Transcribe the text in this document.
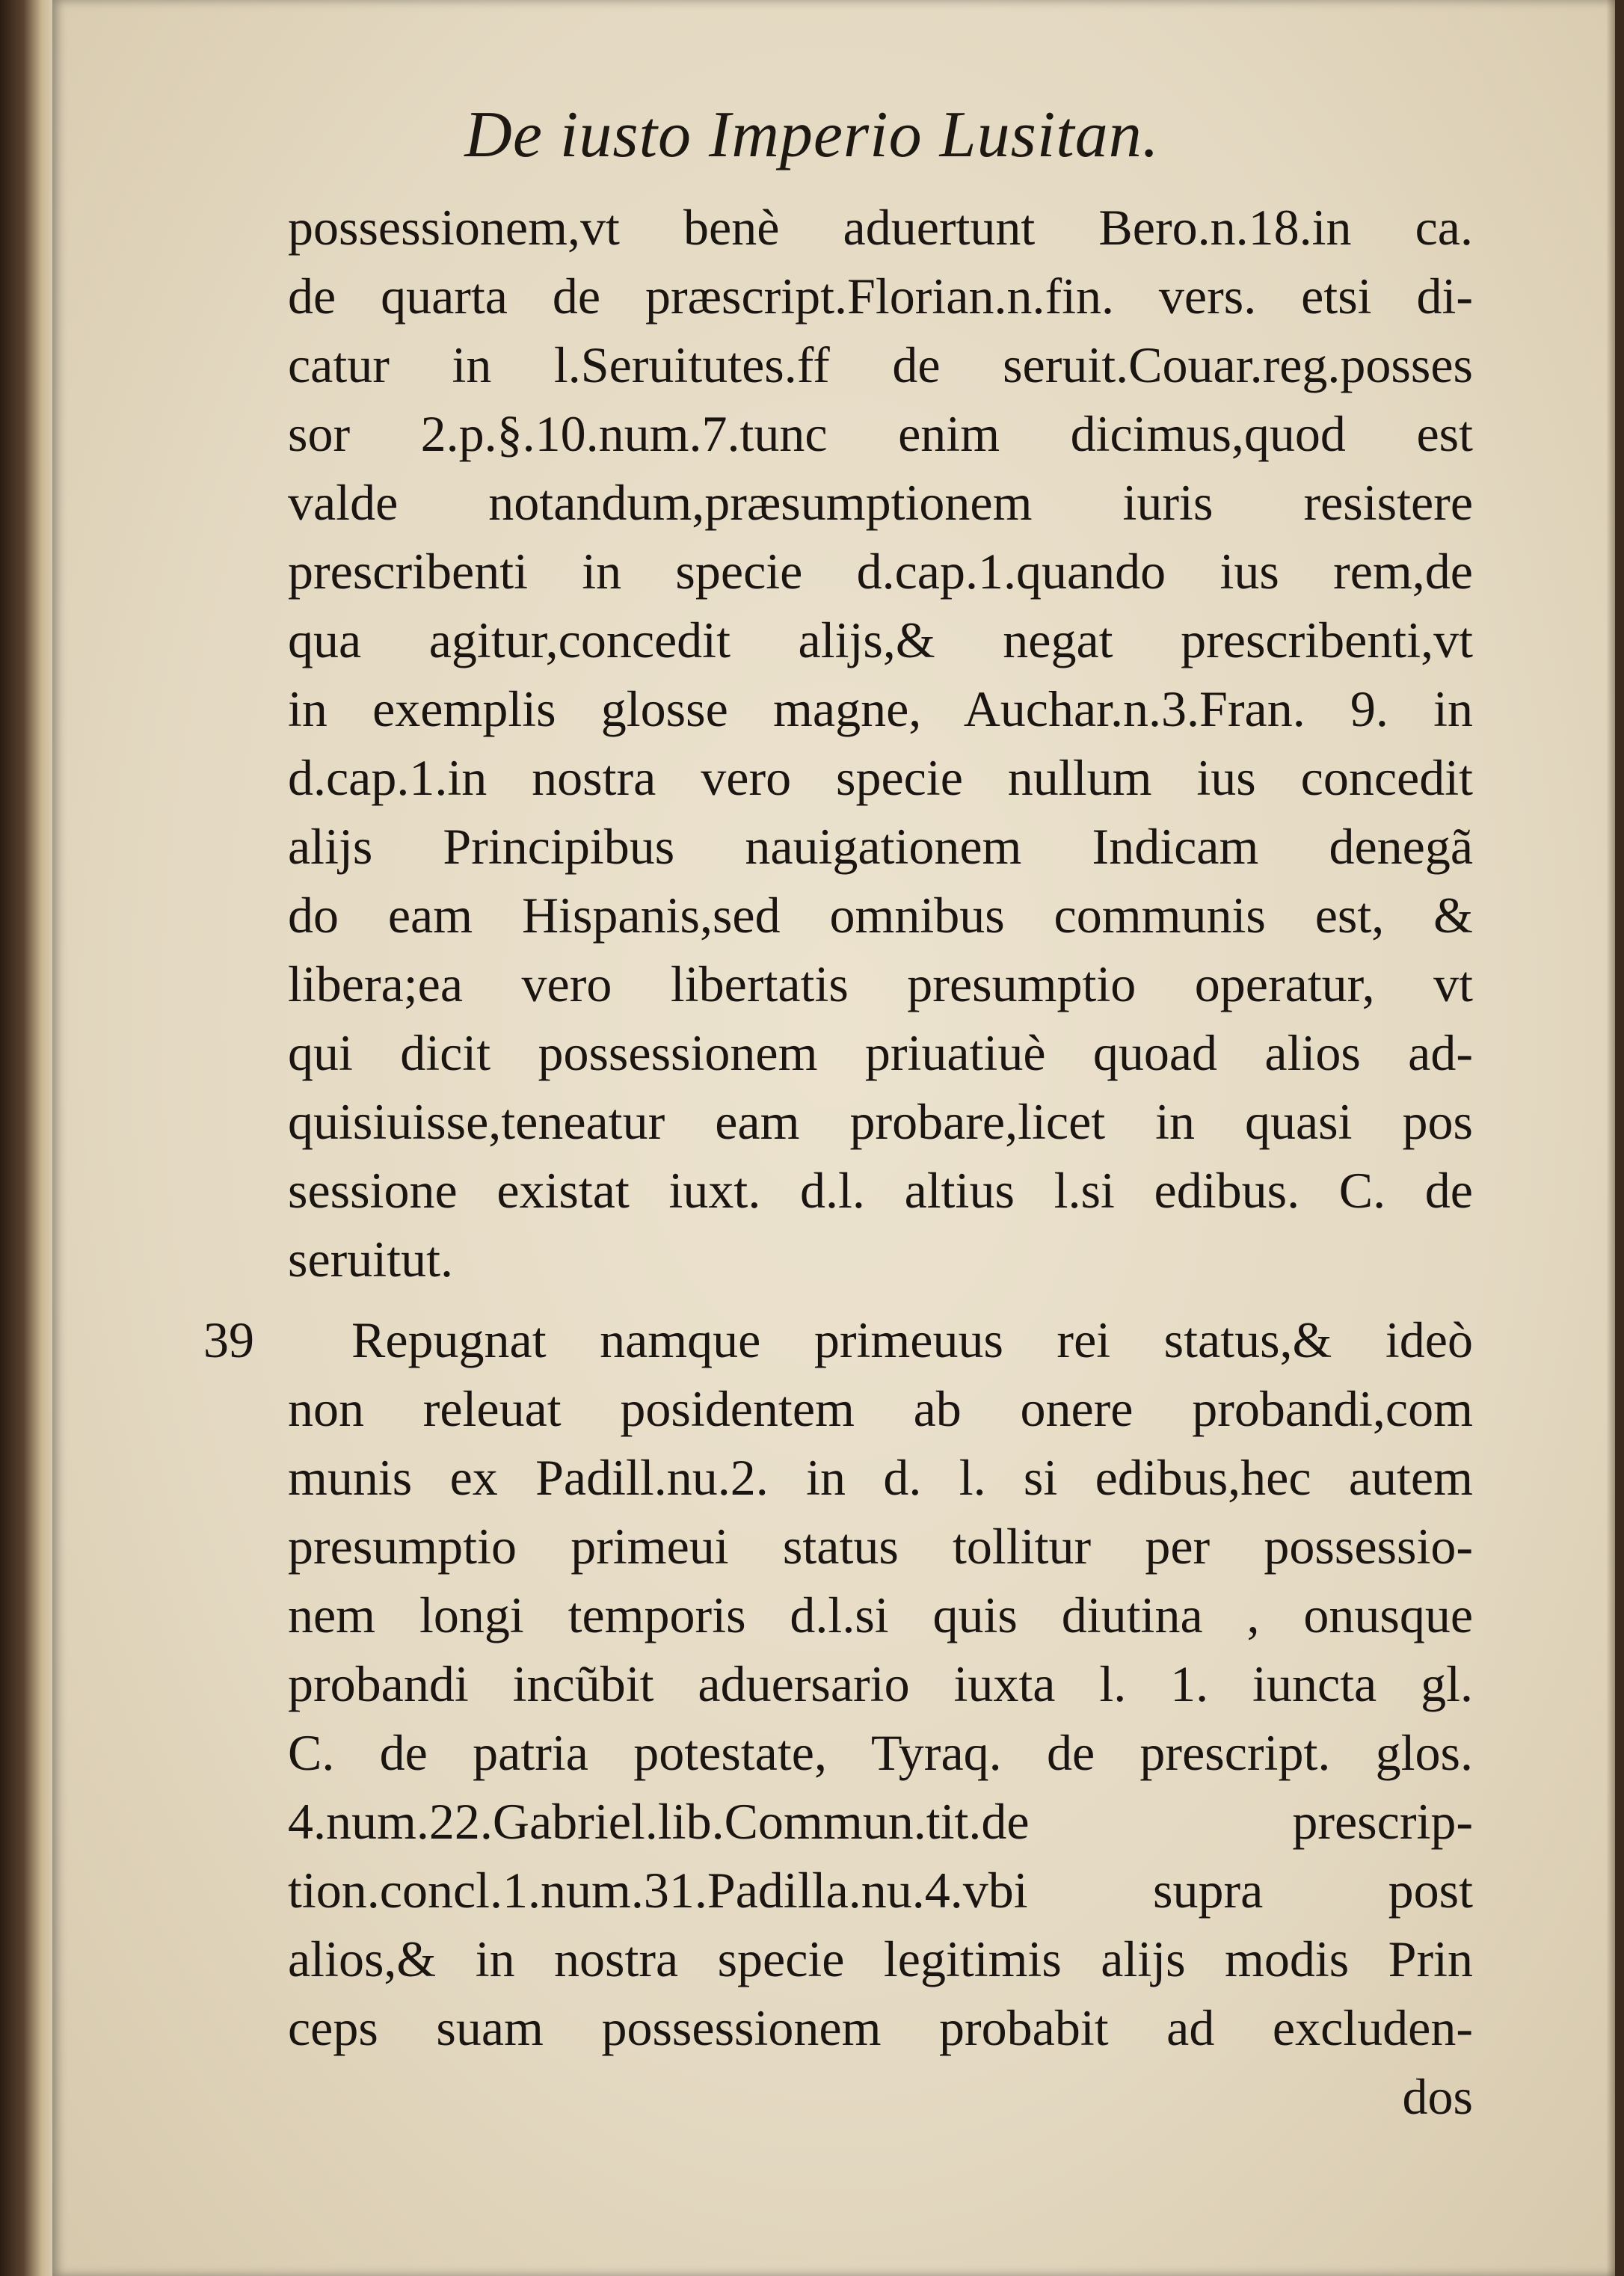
De iusto Imperio Lusitan.
39
possessionem,vt benè aduertunt Bero.n.18.in ca.
de quarta de præscript.Florian.n.fin. vers. etsi di-
catur in l.Seruitutes.ff de seruit.Couar.reg.posses
sor 2.p.§.10.num.7.tunc enim dicimus,quod est
valde notandum,præsumptionem iuris resistere
prescribenti in specie d.cap.1.quando ius rem,de
qua agitur,concedit alijs,& negat prescribenti,vt
in exemplis glosse magne, Auchar.n.3.Fran. 9. in
d.cap.1.in nostra vero specie nullum ius concedit
alijs Principibus nauigationem Indicam denegã
do eam Hispanis,sed omnibus communis est, &
libera;ea vero libertatis presumptio operatur, vt
qui dicit possessionem priuatiuè quoad alios ad-
quisiuisse,teneatur eam probare,licet in quasi pos
sessione existat iuxt. d.l. altius l.si edibus. C. de
seruitut.
Repugnat namque primeuus rei status,& ideò
non releuat posidentem ab onere probandi,com
munis ex Padill.nu.2. in d. l. si edibus,hec autem
presumptio primeui status tollitur per possessio-
nem longi temporis d.l.si quis diutina , onusque
probandi incũbit aduersario iuxta l. 1. iuncta gl.
C. de patria potestate, Tyraq. de prescript. glos.
4.num.22.Gabriel.lib.Commun.tit.de prescrip-
tion.concl.1.num.31.Padilla.nu.4.vbi supra post
alios,& in nostra specie legitimis alijs modis Prin
ceps suam possessionem probabit ad excluden-
dos
